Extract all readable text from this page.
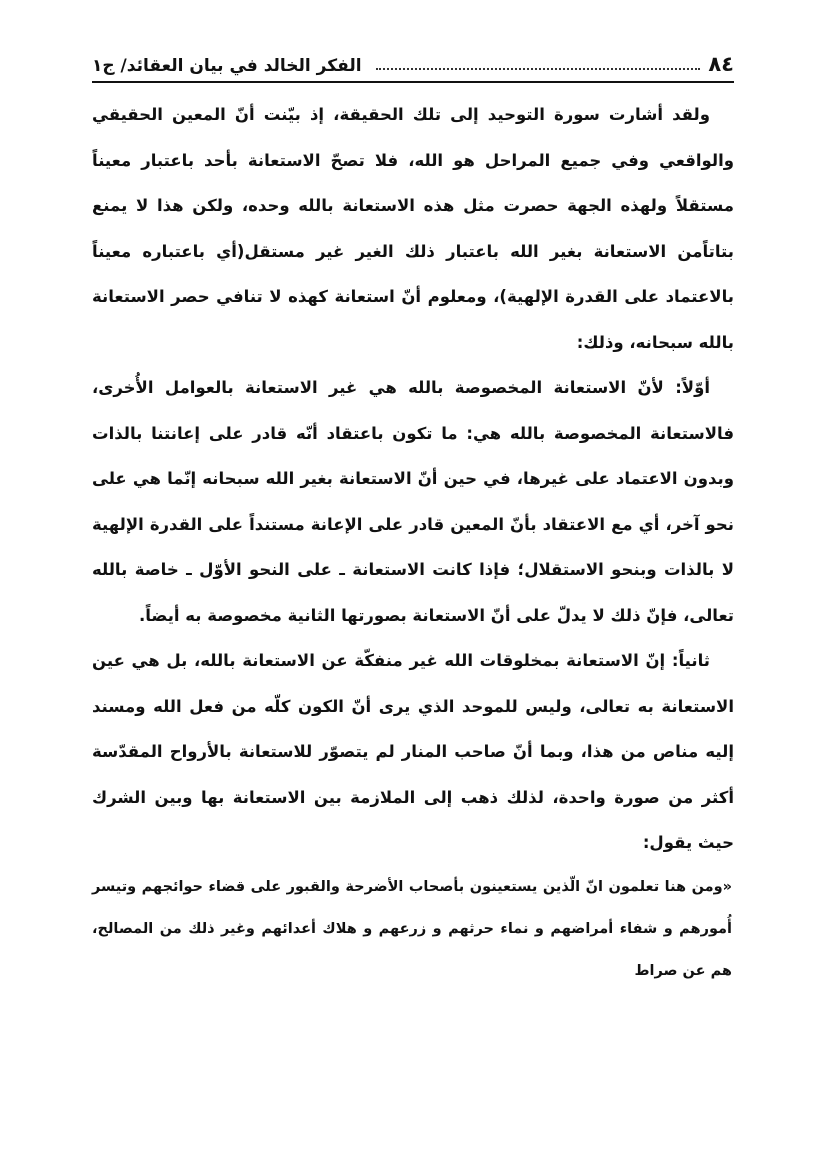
٨٤
الفكر الخالد في بيان العقائد/ ج١

ولقد أشارت سورة التوحيد إلى تلك الحقيقة، إذ بيّنت أنّ المعين الحقيقي والواقعي وفي جميع المراحل هو الله، فلا تصحّ الاستعانة بأحد باعتبار معيناً مستقلاً ولهذه الجهة حصرت مثل هذه الاستعانة بالله وحده، ولكن هذا لا يمنع بتاتاًمن الاستعانة بغير الله باعتبار ذلك الغير غير مستقل(أي باعتباره معيناً بالاعتماد على القدرة الإلهية)، ومعلوم أنّ استعانة كهذه لا تنافي حصر الاستعانة بالله سبحانه، وذلك:

أوّلاً: لأنّ الاستعانة المخصوصة بالله هي غير الاستعانة بالعوامل الأُخرى، فالاستعانة المخصوصة بالله هي: ما تكون باعتقاد أنّه قادر على إعانتنا بالذات وبدون الاعتماد على غيرها، في حين أنّ الاستعانة بغير الله سبحانه إنّما هي على نحو آخر، أي مع الاعتقاد بأنّ المعين قادر على الإعانة مستنداً على القدرة الإلهية لا بالذات وبنحو الاستقلال؛ فإذا كانت الاستعانة ـ على النحو الأوّل ـ خاصة بالله تعالى، فإنّ ذلك لا يدلّ على أنّ الاستعانة بصورتها الثانية مخصوصة به أيضاً.

ثانياً: إنّ الاستعانة بمخلوقات الله غير منفكّة عن الاستعانة بالله، بل هي عين الاستعانة به تعالى، وليس للموحد الذي يرى أنّ الكون كلّه من فعل الله ومسند إليه مناص من هذا، وبما أنّ صاحب المنار لم يتصوّر للاستعانة بالأرواح المقدّسة أكثر من صورة واحدة، لذلك ذهب إلى الملازمة بين الاستعانة بها وبين الشرك حيث يقول:

«ومن هنا تعلمون انّ الّذين يستعينون بأصحاب الأضرحة والقبور على قضاء حوائجهم وتيسر أُمورهم و شفاء أمراضهم و نماء حرثهم و زرعهم و هلاك أعدائهم وغير ذلك من المصالح، هم عن صراط
